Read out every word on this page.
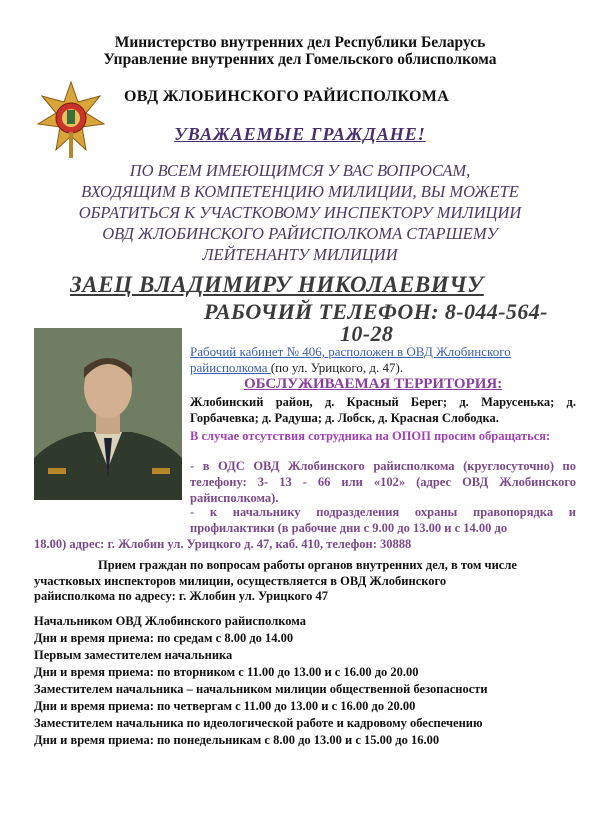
Министерство внутренних дел Республики Беларусь
Управление внутренних дел Гомельского облисполкома
ОВД ЖЛОБИНСКОГО РАЙИСПОЛКОМА
УВАЖАЕМЫЕ ГРАЖДАНЕ!
ПО ВСЕМ ИМЕЮЩИМСЯ У ВАС ВОПРОСАМ,
ВХОДЯЩИМ В КОМПЕТЕНЦИЮ МИЛИЦИИ, ВЫ МОЖЕТЕ
ОБРАТИТЬСЯ К УЧАСТКОВОМУ ИНСПЕКТОРУ МИЛИЦИИ
ОВД ЖЛОБИНСКОГО РАЙИСПОЛКОМА СТАРШЕМУ
ЛЕЙТЕНАНТУ МИЛИЦИИ
ЗАЕЦ ВЛАДИМИРУ НИКОЛАЕВИЧУ
РАБОЧИЙ ТЕЛЕФОН: 8-044-564-
10-28
Рабочий кабинет № 406, расположен в ОВД Жлобинского
райисполкома (по ул. Урицкого, д. 47).
ОБСЛУЖИВАЕМАЯ ТЕРРИТОРИЯ:
Жлобинский район, д. Красный Берег; д. Марусенька; д. Горбачевка; д. Радуша; д. Лобск, д. Красная Слободка.
В случае отсутствия сотрудника на ОПОП просим обращаться:
- в ОДС ОВД Жлобинского райисполкома (круглосуточно) по телефону: 3- 13 - 66 или «102» (адрес ОВД Жлобинского райисполкома).
- к начальнику подразделения охраны правопорядка и профилактики (в рабочие дни с 9.00 до 13.00 и с 14.00 до
18.00) адрес: г. Жлобин ул. Урицкого д. 47, каб. 410, телефон: 30888
Прием граждан по вопросам работы органов внутренних дел, в том числе
участковых инспекторов милиции, осуществляется в ОВД Жлобинского
райисполкома по адресу: г. Жлобин ул. Урицкого 47
Начальником ОВД Жлобинского райисполкома
Дни и время приема: по средам с 8.00 до 14.00
Первым заместителем начальника
Дни и время приема: по вторником с 11.00 до 13.00 и с 16.00 до 20.00
Заместителем начальника – начальником милиции общественной безопасности
Дни и время приема: по четвергам с 11.00 до 13.00 и с 16.00 до 20.00
Заместителем начальника по идеологической работе и кадровому обеспечению
Дни и время приема: по понедельникам с 8.00 до 13.00 и с 15.00 до 16.00
